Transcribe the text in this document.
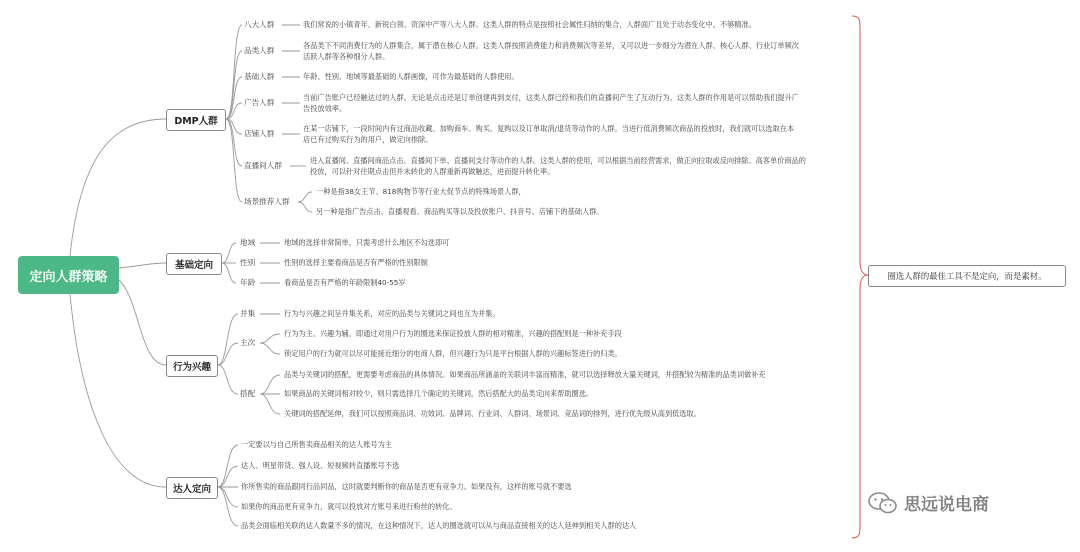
定向人群策略
DMP人群
基础定向
行为兴趣
达人定向
八大人群	我们常说的小镇青年、新锐白领、资深中产等八大人群。这类人群的特点是按照社会属性归纳的集合，人群面广且处于动态变化中，不够精准。
品类人群
各品类下不同消费行为的人群集合，属于潜在核心人群。这类人群按照消费能力和消费频次等差异，又可以进一步细分为潜在人群、核心人群、行业订单频次
活跃人群等各种细分人群。
基础人群	年龄、性别、地域等最基础的人群画像，可作为最基础的人群使用。
广告人群
当前广告账户已经触达过的人群。无论是点击还是订单创建再到支付，这类人群已经和我们的直播间产生了互动行为。这类人群的作用是可以帮助我们提升广
告投放效率。
店铺人群
在某一店铺下，一段时间内有过商品收藏、加购商车、购买、复购以及订单取消/退货等动作的人群。当进行低消费频次商品的投放时，我们就可以选取在本
店已有过购买行为的用户，做定向排除。
直播间人群
进入直播间、直播间商品点击、直播间下单、直播间支付等动作的人群。这类人群的使用，可以根据当前经营需求，做正向拉取或反向排除。高客单价商品的
投放，可以针对往期点击但并未转化的人群重新再做触达，进而提升转化率。
场景推荐人群
一种是指38女王节、818购物节等行业大促节点的特殊场景人群，
另一种是指广告点击、直播观看、商品购买等以及投放账户、抖音号、店铺下的基础人群。
地域	地域的选择非常简单，只需考虑什么地区不勾选即可
性别	性别的选择主要看商品是否有严格的性别限制
年龄	看商品是否有严格的年龄限制40-55岁
并集	行为与兴趣之间呈并集关系，对应的品类与关键词之间也互为并集。
主次
行为为主、兴趣为辅，即通过对用户行为的圈选来保证投放人群的相对精准，兴趣的搭配则是一种补充手段
锁定用户的行为就可以尽可能接近细分的电商人群，但兴趣行为只是平台根据人群的兴趣标签进行的归类。
搭配
品类与关键词的搭配，更需要考虑商品的具体情况。如果商品所涵盖的关联词丰富而精准，就可以选择释放大量关键词，并搭配较为精准的品类词做补充
如果商品的关键词相对较少，则只需选择几个确定的关键词，然后搭配大的品类定向来帮助圈选。
关键词的搭配延伸，我们可以按照商品词、功效词、品牌词、行业词、人群词、场景词、竞品词的排列，进行优先级从高到低选取。
一定要以与自己所售卖商品相关的达人账号为主
达人、明星带货、强人设、短视频转直播账号不选
你所售卖的商品跟同行品同品，这时就要判断你的商品是否更有竞争力。如果没有，这样的账号就不要选
如果你的商品更有竞争力，就可以投放对方账号来进行粉丝的转化。
品类会面临相关联的达人数量不多的情况，在这种情况下，达人的圈选就可以从与商品直接相关的达人延伸到相关人群的达人
圈选人群的最佳工具不是定向，而是素材。
思远说电商
